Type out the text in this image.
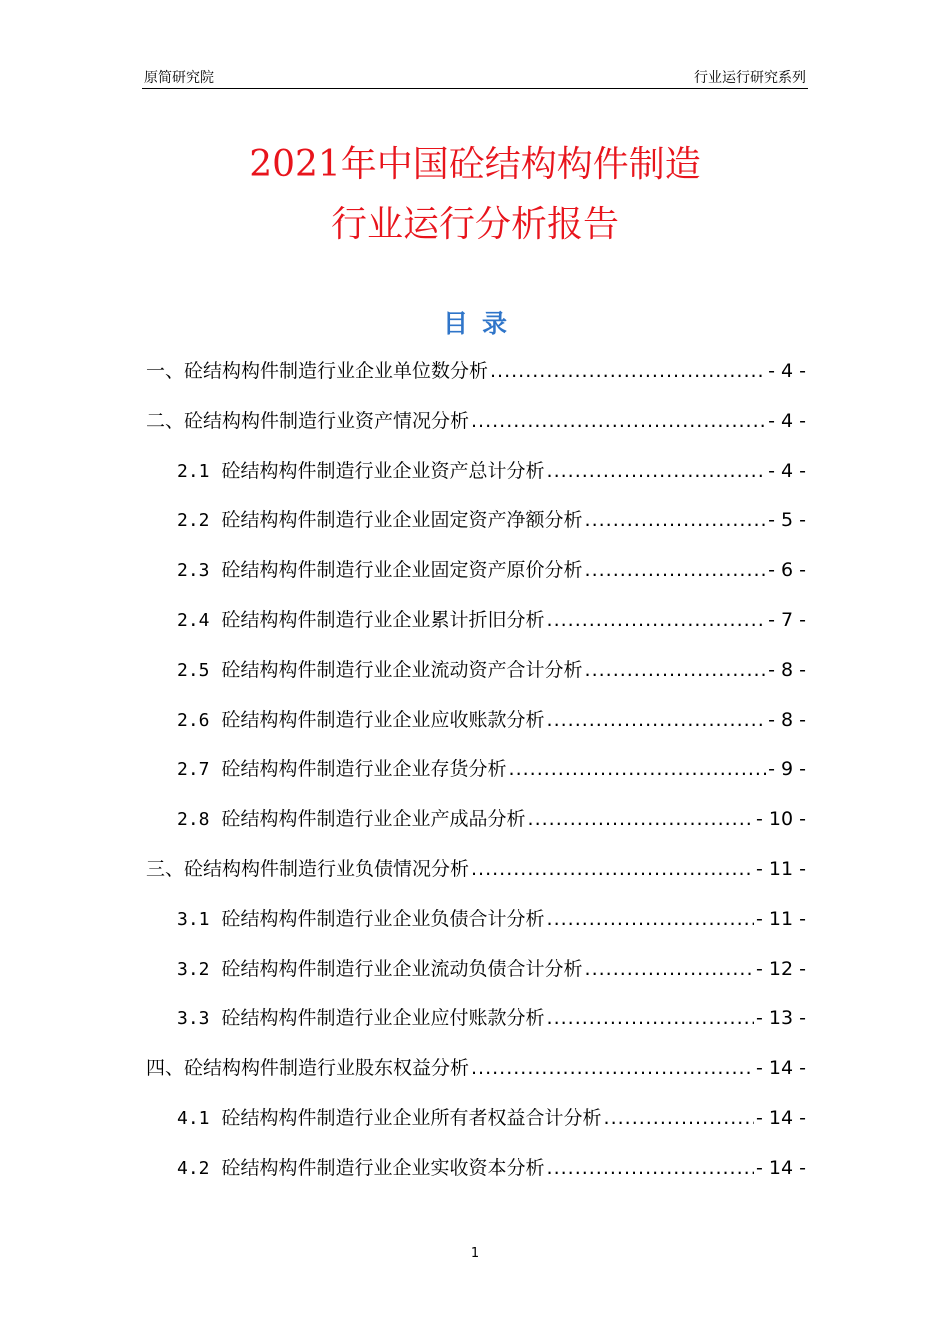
原简研究院	行业运行研究系列
2021年中国砼结构构件制造
行业运行分析报告
目录
一、砼结构构件制造行业企业单位数分析 .....	- 4 -
二、砼结构构件制造行业资产情况分析 .....	- 4 -
2.1 砼结构构件制造行业企业资产总计分析 .....	- 4 -
2.2 砼结构构件制造行业企业固定资产净额分析 .....	- 5 -
2.3 砼结构构件制造行业企业固定资产原价分析 .....	- 6 -
2.4 砼结构构件制造行业企业累计折旧分析 .....	- 7 -
2.5 砼结构构件制造行业企业流动资产合计分析 .....	- 8 -
2.6 砼结构构件制造行业企业应收账款分析 .....	- 8 -
2.7 砼结构构件制造行业企业存货分析 .....	- 9 -
2.8 砼结构构件制造行业企业产成品分析 .....	- 10 -
三、砼结构构件制造行业负债情况分析 .....	- 11 -
3.1 砼结构构件制造行业企业负债合计分析 .....	- 11 -
3.2 砼结构构件制造行业企业流动负债合计分析 .....	- 12 -
3.3 砼结构构件制造行业企业应付账款分析 .....	- 13 -
四、砼结构构件制造行业股东权益分析 .....	- 14 -
4.1 砼结构构件制造行业企业所有者权益合计分析 .....	- 14 -
4.2 砼结构构件制造行业企业实收资本分析 .....	- 14 -
1
